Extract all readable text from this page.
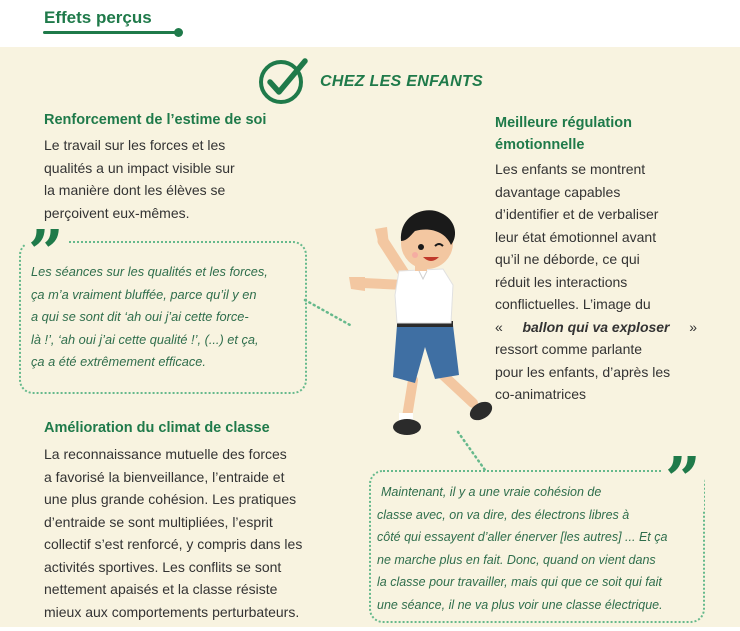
Effets perçus
CHEZ LES ENFANTS
Renforcement de l’estime de soi
Le travail sur les forces et les
qualités a un impact visible sur
la manière dont les élèves se
perçoivent eux-mêmes.
”
Les séances sur les qualités et les forces,
ça m’a vraiment bluffée, parce qu’il y en
a qui se sont dit ‘ah oui j’ai cette force-
là !’, ‘ah oui j’ai cette qualité !’, (...) et ça,
ça a été extrêmement efficace.
Meilleure régulation
émotionnelle
Les enfants se montrent
davantage capables
d’identifier et de verbaliser
leur état émotionnel avant
qu’il ne déborde, ce qui
réduit les interactions
conflictuelles. L’image du
« ballon qui va exploser »
ressort comme parlante
pour les enfants, d’après les
co-animatrices
Amélioration du climat de classe
La reconnaissance mutuelle des forces
a favorisé la bienveillance, l’entraide et
une plus grande cohésion. Les pratiques
d’entraide se sont multipliées, l’esprit
collectif s’est renforcé, y compris dans les
activités sportives. Les conflits se sont
nettement apaisés et la classe résiste
mieux aux comportements perturbateurs.
”
Maintenant, il y a une vraie cohésion de
classe avec, on va dire, des électrons libres à
côté qui essayent d’aller énerver [les autres] ... Et ça
ne marche plus en fait. Donc, quand on vient dans
la classe pour travailler, mais qui que ce soit qui fait
une séance, il ne va plus voir une classe électrique.
